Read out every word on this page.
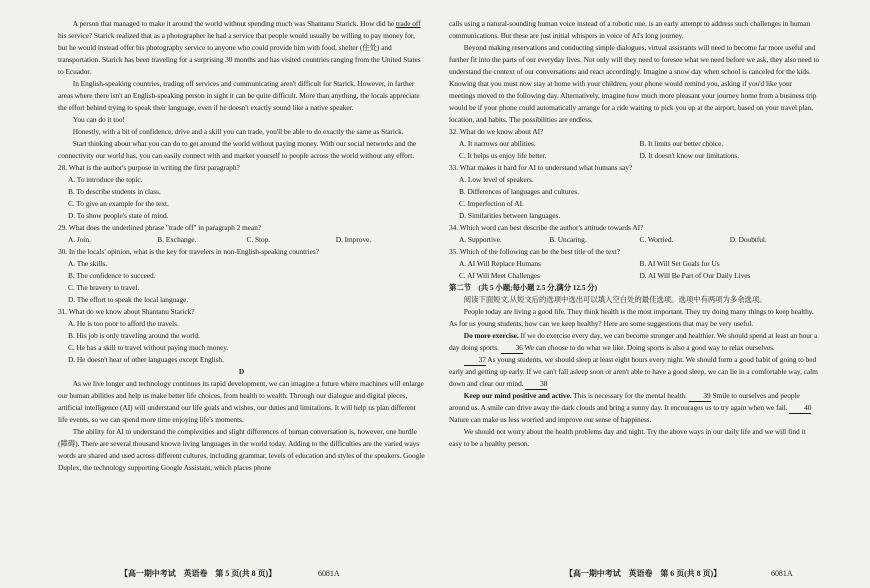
A person that managed to make it around the world without spending much was Shantanu Starick. How did he trade off his service? Starick realized that as a photographer he had a service that people would usually be willing to pay money for, but he would instead offer his photography service to anyone who could provide him with food, shelter (住处) and transportation. Starick has been traveling for a surprising 30 months and has visited countries ranging from the United States to Ecuador.

In English-speaking countries, trading off services and communicating aren't difficult for Starick. However, in farther areas where there isn't an English-speaking person in sight it can be quite difficult. More than anything, the locals appreciate the effort behind trying to speak their language, even if he doesn't exactly sound like a native speaker.

You can do it too!

Honestly, with a bit of confidence, drive and a skill you can trade, you'll be able to do exactly the same as Starick.

Start thinking about what you can do to get around the world without paying money. With our social networks and the connectivity our world has, you can easily connect with and market yourself to people across the world without any effort.

28. What is the author's purpose in writing the first paragraph?

A. To introduce the topic.

B. To describe students in class.

C. To give an example for the text.

D. To show people's state of mind.

29. What does the underlined phrase "trade off" in paragraph 2 mean?

A. Join.	B. Exchange.	C. Stop.	D. Improve.

30. In the locals' opinion, what is the key for travelers in non-English-speaking countries?

A. The skills.

B. The confidence to succeed.

C. The bravery to travel.

D. The effort to speak the local language.

31. What do we know about Shantanu Starick?

A. He is too poor to afford the travels.

B. His job is only traveling around the world.

C. He has a skill to travel without paying much money.

D. He doesn't hear of other languages except English.

D

As we live longer and technology continues its rapid development, we can imagine a future where machines will enlarge our human abilities and help us make better life choices, from health to wealth. Through our dialogue and digital pieces, artificial intelligence (AI) will understand our life goals and wishes, our duties and limitations. It will help us plan different life events, so we can spend more time enjoying life's moments.

The ability for AI to understand the complexities and slight differences of human conversation is, however, one hurdle (障碍). There are several thousand known living languages in the world today. Adding to the difficulties are the varied ways words are shared and used across different cultures, including grammar, levels of education and styles of the speakers. Google Duplex, the technology supporting Google Assistant, which places phone

【高一期中考试　英语卷　第 5 页(共 8 页)】	6081A

calls using a natural-sounding human voice instead of a robotic one, is an early attempt to address such challenges in human communications. But these are just initial whispers in voice of AI's long journey.

Beyond making reservations and conducting simple dialogues, virtual assistants will need to become far more useful and further fit into the parts of our everyday lives. Not only will they need to foresee what we need before we ask, they also need to understand the context of our conversations and react accordingly. Imagine a snow day when school is canceled for the kids. Knowing that you must now stay at home with your children, your phone would remind you, asking if you'd like your meetings moved to the following day. Alternatively, imagine how much more pleasant your journey home from a business trip would be if your phone could automatically arrange for a ride waiting to pick you up at the airport, based on your travel plan, location, and habits. The possibilities are endless.

32. What do we know about AI?

A. It narrows our abilities.	B. It limits our better choice.
C. It helps us enjoy life better.	D. It doesn't know our limitations.

33. What makes it hard for AI to understand what humans say?

A. Low level of speakers.

B. Differences of languages and cultures.

C. Imperfection of AI.

D. Similarities between languages.

34. Which word can best describe the author's attitude towards AI?

A. Supportive.	B. Uncaring.	C. Worried.	D. Doubtful.

35. Which of the following can be the best title of the text?

A. AI Will Replace Humans	B. AI Will Set Goals for Us
C. AI Will Meet Challenges	D. AI Will Be Part of Our Daily Lives

第二节　(共 5 小题;每小题 2.5 分,满分 12.5 分)

阅读下面短文,从短文后的选项中选出可以填入空白处的最佳选项。选项中有两项为多余选项。

People today are living a good life. They think health is the most important. They try doing many things to keep healthy. As for us young students, how can we keep healthy? Here are some suggestions that may be very useful.

Do more exercise. If we do exercise every day, we can become stronger and healthier. We should spend at least an hour a day doing sports. 36 We can choose to do what we like. Doing sports is also a good way to relax ourselves.

37 As young students, we should sleep at least eight hours every night. We should form a good habit of going to bed early and getting up early. If we can't fall asleep soon or aren't able to have a good sleep, we can lie in a comfortable way, calm down and clear our mind. 38

Keep our mind positive and active. This is necessary for the mental health. 39 Smile to ourselves and people around us. A smile can drive away the dark clouds and bring a sunny day. It encourages us to try again when we fail. 40 Nature can make us less worried and improve our sense of happiness.

We should not worry about the health problems day and night. Try the above ways in our daily life and we will find it easy to be a healthy person.

【高一期中考试　英语卷　第 6 页(共 8 页)】	6081A
